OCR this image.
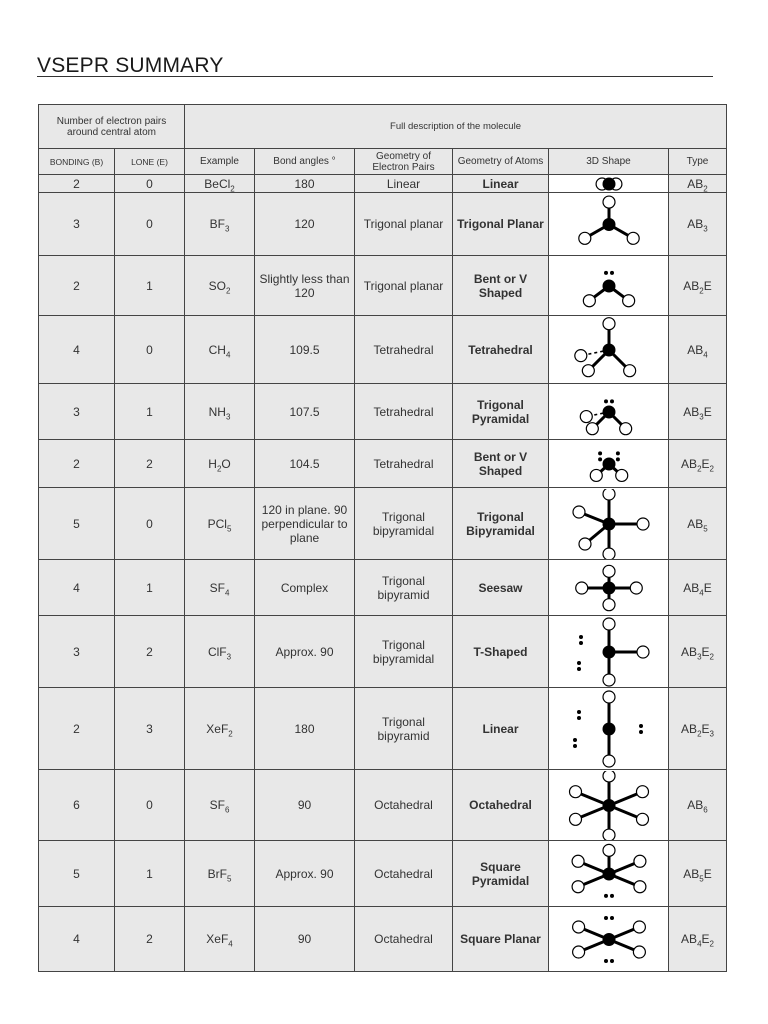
VSEPR SUMMARY
Number of electron pairs around central atom		Full description of the molecule					
BONDING (B)	LONE (E)	Example	Bond angles °	Geometry of Electron Pairs	Geometry of Atoms	3D Shape	Type
2	0	BeCl$_2$	180	Linear	Linear		$AB_2$
3	0	$BF_3$	120	Trigonal planar	Trigonal Planar		$AB_3$
2	1	$SO_2$	Slightly less than 120	Trigonal planar	Bent or V Shaped		$AB_2E$
4	0	$CH_4$	109.5	Tetrahedral	Tetrahedral		$AB_4$
3	1	$NH_3$	107.5	Tetrahedral	Trigonal Pyramidal		$AB_3E$
2	2	$H_2O$	104.5	Tetrahedral	Bent or V Shaped		$AB_2E_2$
5	0	PCl$_5$	120 in plane. 90 perpendicular to plane	Trigonal bipyramidal	Trigonal Bipyramidal		$AB_5$
4	1	$SF_4$	Complex	Trigonal bipyramid	Seesaw		$AB_4E$
3	2	ClF$_3$	Approx. 90	Trigonal bipyramidal	T-Shaped		$AB_3E_2$
2	3	XeF$_2$	180	Trigonal bipyramid	Linear		$AB_2E_3$
6	0	$SF_6$	90	Octahedral	Octahedral		$AB_6$
5	1	BrF$_5$	Approx. 90	Octahedral	Square Pyramidal		$AB_5E$
4	2	XeF$_4$	90	Octahedral	Square Planar		$AB_4E_2$
